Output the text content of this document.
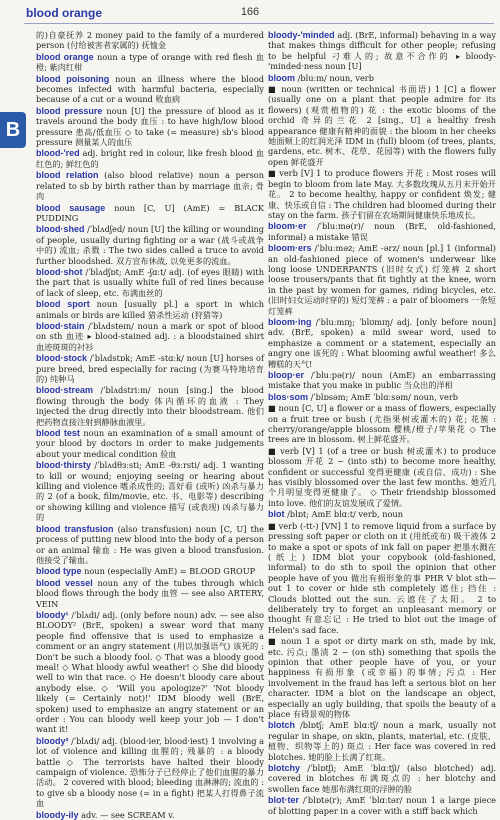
blood orange	166
B

的)自豪抚养 2 money paid to the family of a murdered person (付给被害者家属的) 抚恤金

blood orange noun a type of orange with red flesh 血橙; 紫肉红柑

blood poisoning noun an illness where the blood becomes infected with harmful bacteria, especially because of a cut or a wound 败血病

blood pressure noun [U] the pressure of blood as it travels around the body 血压 : to have high/low blood pressure 患高/低血压 ◇ to take (= measure) sb's blood pressure 测量某人的血压

blood-'red adj. bright red in colour, like fresh blood 血红色的; 鲜红色的

blood relation (also blood relative) noun a person related to sb by birth rather than by marriage 血亲; 骨肉

blood sausage noun [C, U] (AmE) = BLACK PUDDING

blood·shed /ˈblʌdʃed/ noun [U] the killing or wounding of people, usually during fighting or a war (战斗或战争中的) 流血; 杀戮 : The two sides called a truce to avoid further bloodshed. 双方宣布休战, 以免更多的流血。

blood·shot /ˈblʌdʃɒt; AmE -ʃɑːt/ adj. (of eyes 眼睛) with the part that is usually white full of red lines because of lack of sleep, etc. 布满血丝的

blood sport noun [usually pl.] a sport in which animals or birds are killed 猎杀性运动 (狩猎等)

blood·stain /ˈblʌdsteɪn/ noun a mark or spot of blood on sth 血迹 ▸ blood-stained adj. : a bloodstained shirt 血迹斑斑的衬衫

blood·stock /ˈblʌdstɒk; AmE -stɑːk/ noun [U] horses of pure breed, bred especially for racing (为赛马特地培育的) 纯种马

blood·stream /ˈblʌdstriːm/ noun [sing.] the blood flowing through the body 体内循环的血液 : They injected the drug directly into their bloodstream. 他们把药物直接注射到静脉血液里。

blood test noun an examination of a small amount of your blood by doctors in order to make judgements about your medical condition 验血

blood·thirsty /ˈblʌdθɜːsti; AmE -θɜːrsti/ adj. 1 wanting to kill or wound; enjoying seeing or hearing about killing and violence 嗜杀成性的; 喜好看 (或听) 凶杀与暴力的 2 (of a book, film/movie, etc. 书、电影等) describing or showing killing and violence 描写 (或表现) 凶杀与暴力的

blood transfusion (also transfusion) noun [C, U] the process of putting new blood into the body of a person or an animal 输血 : He was given a blood transfusion. 他接受了输血。

blood type noun (especially AmE) = BLOOD GROUP

blood vessel noun any of the tubes through which blood flows through the body 血管 — see also ARTERY, VEIN

bloody¹ /ˈblʌdi/ adj. (only before noun) adv. — see also BLOODY² (BrE, spoken) a swear word that many people find offensive that is used to emphasize a comment or an angry statement (用以加强语气) 该死的 : Don't be such a bloody fool. ◇ That was a bloody good meal! ◇ What bloody awful weather! ◇ She did bloody well to win that race. ◇ He doesn't bloody care about anybody else. ◇ 'Will you apologize?' 'Not bloody likely (= Certainly not)!' IDM bloody well (BrE, spoken) used to emphasize an angry statement or an order : You can bloody well keep your job — I don't want it!

bloody² /ˈblʌdi/ adj. (blood·ier, blood·iest) 1 involving a lot of violence and killing 血腥的; 残暴的 : a bloody battle ◇ The terrorists have halted their bloody campaign of violence. 恐怖分子已经停止了他们血腥的暴力活动。 2 covered with blood; bleeding 血淋淋的; 流血的 : to give sb a bloody nose (= in a fight) 把某人打得鼻子流血

bloody-ily adv. — see SCREAM v.

bloody-'minded adj. (BrE, informal) behaving in a way that makes things difficult for other people; refusing to be helpful 刁难人的; 故意不合作的 ▸ bloody-'minded·ness noun [U]

bloom /bluːm/ noun, verb

■ noun (written or technical 书面语) 1 [C] a flower (usually one on a plant that people admire for its flowers) (观赏植物的) 花 : the exotic blooms of the orchid 奇异的兰花 2 [sing., U] a healthy fresh appearance 健康有精神的面貌 : the bloom in her cheeks 她面颊上的红润光泽 IDM in (full) bloom (of trees, plants, gardens, etc. 树木、花草、花园等) with the flowers fully open 鲜花盛开

■ verb [V] 1 to produce flowers 开花 : Most roses will begin to bloom from late May. 大多数玫瑰从五月末开始开花。 2 to become healthy, happy or confident 焕发; 健康、快乐或自信 : The children had bloomed during their stay on the farm. 孩子们留在农场期间健康快乐地成长。

bloom·er /ˈbluːmə(r)/ noun (BrE, old-fashioned, informal) a mistake 错误

bloom·ers /ˈbluːməz; AmE -ərz/ noun [pl.] 1 (informal) an old-fashioned piece of women's underwear like long loose UNDERPANTS (旧时女式) 灯笼裤 2 short loose trousers/pants that fit tightly at the knee, worn in the past by women for games, riding bicycles, etc. (旧时妇女运动时穿的) 短灯笼裤 : a pair of bloomers 一条短灯笼裤

bloom·ing /ˈbluːmɪŋ; ˈblʊmɪŋ/ adj. [only before noun] adv. (BrE, spoken) a mild swear word, used to emphasize a comment or a statement, especially an angry one 该死的 : What blooming awful weather! 多么糟糕的天气!

bloop·er /ˈbluːpə(r)/ noun (AmE) an embarrassing mistake that you make in public 当众出的洋相

blos·som /ˈblɒsəm; AmE ˈblɑːsəm/ noun, verb

■ noun [C, U] a flower or a mass of flowers, especially on a fruit tree or bush (尤指果树或灌木的) 花; 花簇 : cherry/orange/apple blossom 樱桃/橙子/苹果花 ◇ The trees are in blossom. 树上鲜花盛开。

■ verb [V] 1 (of a tree or bush 树或灌木) to produce blossom 开花 2 ~ (into sth) to become more healthy, confident or successful 变得更健康 (或自信、成功) : She has visibly blossomed over the last few months. 她近几个月明显变得更健康了。 ◇ Their friendship blossomed into love. 他们的友谊发展成了爱情。

blot /blɒt; AmE blɑːt/ verb, noun

■ verb (-tt-) [VN] 1 to remove liquid from a surface by pressing soft paper or cloth on it (用纸或布) 吸干液体 2 to make a spot or spots of ink fall on paper 把墨水溅在 (纸上) IDM blot your copybook (old-fashioned, informal) to do sth to spoil the opinion that other people have of you 做出有损形象的事 PHR V blot sth—out 1 to cover or hide sth completely 遮住; 挡住 : Clouds blotted out the sun. 云遮住了太阳。 2 to deliberately try to forget an unpleasant memory or thought 有意忘记 : He tried to blot out the image of Helen's sad face.

■ noun 1 a spot or dirty mark on sth, made by ink, etc. 污点; 墨渍 2 ~ (on sth) something that spoils the opinion that other people have of you, or your happiness 有损形象 (或幸福) 的事情; 污点 : Her involvement in the fraud has left a serious blot on her character. IDM a blot on the landscape an object, especially an ugly building, that spoils the beauty of a place 有碍景观的物体

blotch /blɒtʃ; AmE blɑːtʃ/ noun a mark, usually not regular in shape, on skin, plants, material, etc. (皮肤、植物、织物等上的) 斑点 : Her face was covered in red blotches. 她的脸上长满了红斑。

blotchy /ˈblɒtʃi; AmE ˈblɑːtʃi/ (also blotched) adj. covered in blotches 布满斑点的 : her blotchy and swollen face 她那布满红斑的浮肿的脸

blot·ter /ˈblɒtə(r); AmE ˈblɑːtər/ noun 1 a large piece of blotting paper in a cover with a stiff back which
